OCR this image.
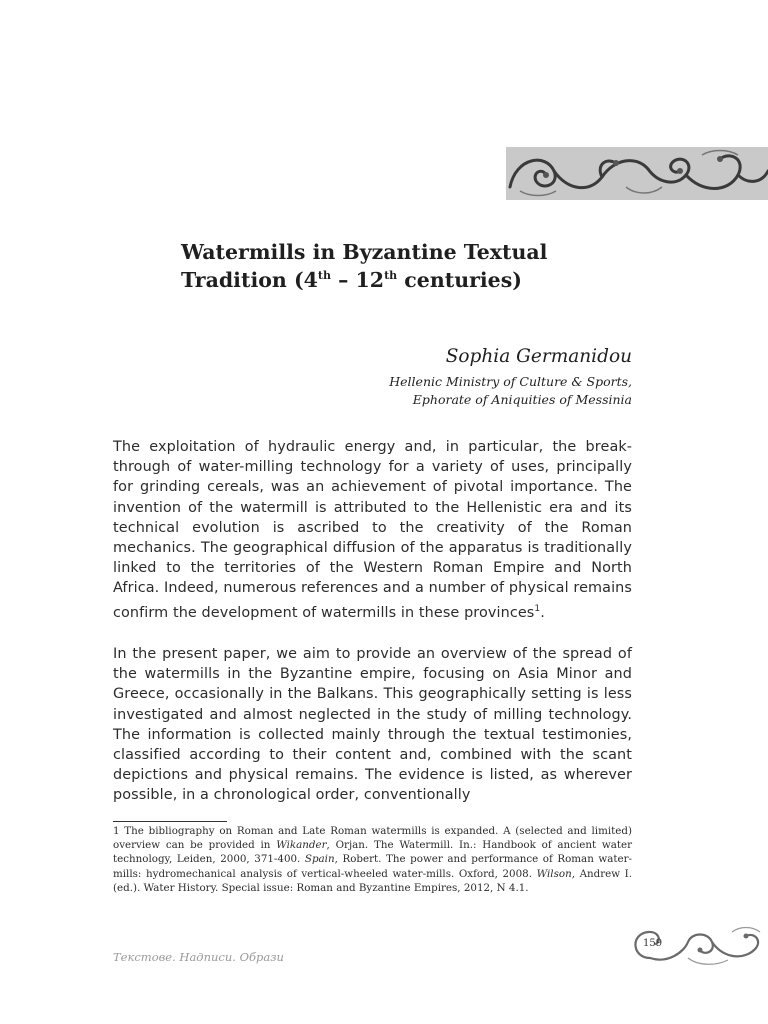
Watermills in Byzantine Textual
Tradition (4th – 12th centuries)
Sophia Germanidou
Hellenic Ministry of Culture & Sports,
Ephorate of Aniquities of Messinia

The exploitation of hydraulic energy and, in particular, the breakthrough of water-milling technology for a variety of uses, principally for grinding cereals, was an achievement of pivotal importance. The invention of the watermill is attributed to the Hellenistic era and its technical evolution is ascribed to the creativity of the Roman mechanics. The geographical diffusion of the apparatus is traditionally linked to the territories of the Western Roman Empire and North Africa. Indeed, numerous references and a number of physical remains confirm the development of watermills in these provinces$^1$.

In the present paper, we aim to provide an overview of the spread of the watermills in the Byzantine empire, focusing on Asia Minor and Greece, occasionally in the Balkans. This geographically setting is less investigated and almost neglected in the study of milling technology. The information is collected mainly through the textual testimonies, classified according to their content and, combined with the scant depictions and physical remains. The evidence is listed, as wherever possible, in a chronological order, conventionally

1 The bibliography on Roman and Late Roman watermills is expanded. A (selected and limited) overview can be provided in Wikander, Orjan. The Watermill. In.: Handbook of ancient water technology, Leiden, 2000, 371-400. Spain, Robert. The power and performance of Roman water-mills: hydromechanical analysis of vertical-wheeled water-mills. Oxford, 2008. Wilson, Andrew I. (ed.). Water History. Special issue: Roman and Byzantine Empires, 2012, N 4.1.

Текстове. Надписи. Образи
159
